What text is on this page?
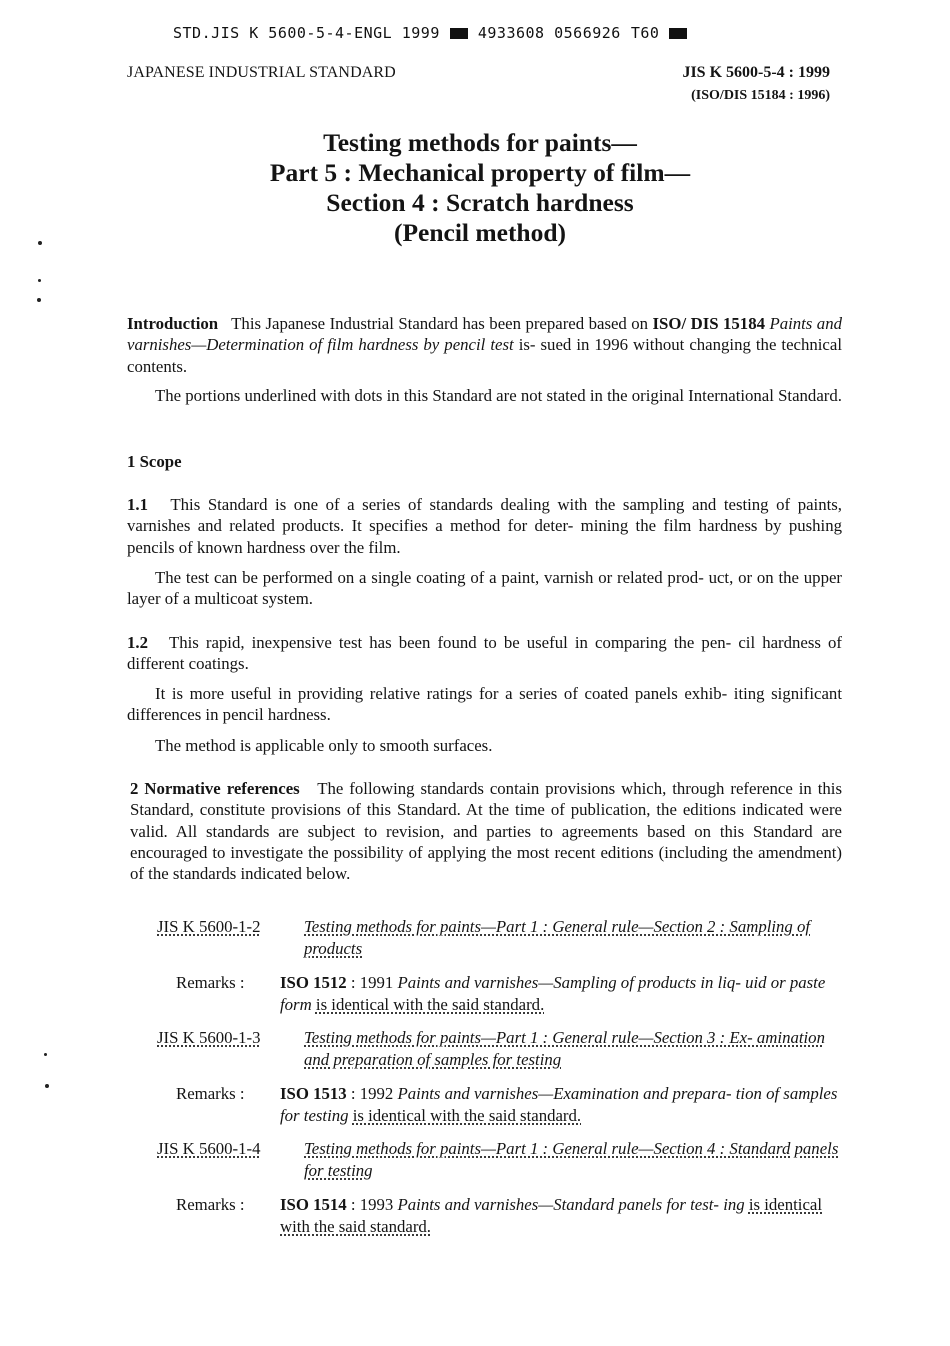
STD.JIS K 5600-5-4-ENGL 1999	4933608 0566926 T60
JAPANESE INDUSTRIAL STANDARD	JIS K 5600-5-4 : 1999
(ISO/DIS 15184 : 1996)
Testing methods for paints—
Part 5 : Mechanical property of film—
Section 4 : Scratch hardness
(Pencil method)

Introduction This Japanese Industrial Standard has been prepared based on ISO/ DIS 15184 Paints and varnishes—Determination of film hardness by pencil test is- sued in 1996 without changing the technical contents.

The portions underlined with dots in this Standard are not stated in the original International Standard.

1 Scope

1.1 This Standard is one of a series of standards dealing with the sampling and testing of paints, varnishes and related products. It specifies a method for deter- mining the film hardness by pushing pencils of known hardness over the film.

The test can be performed on a single coating of a paint, varnish or related prod- uct, or on the upper layer of a multicoat system.

1.2 This rapid, inexpensive test has been found to be useful in comparing the pen- cil hardness of different coatings.

It is more useful in providing relative ratings for a series of coated panels exhib- iting significant differences in pencil hardness.

The method is applicable only to smooth surfaces.

2 Normative references The following standards contain provisions which, through reference in this Standard, constitute provisions of this Standard. At the time of publication, the editions indicated were valid. All standards are subject to revision, and parties to agreements based on this Standard are encouraged to investigate the possibility of applying the most recent editions (including the amendment) of the standards indicated below.

JIS K 5600-1-2	Testing methods for paints—Part 1 : General rule—Section 2 : Sampling of products
Remarks : ISO 1512 : 1991 Paints and varnishes—Sampling of products in liq- uid or paste form is identical with the said standard.
JIS K 5600-1-3	Testing methods for paints—Part 1 : General rule—Section 3 : Ex- amination and preparation of samples for testing
Remarks : ISO 1513 : 1992 Paints and varnishes—Examination and prepara- tion of samples for testing is identical with the said standard.
JIS K 5600-1-4	Testing methods for paints—Part 1 : General rule—Section 4 : Standard panels for testing
Remarks : ISO 1514 : 1993 Paints and varnishes—Standard panels for test- ing is identical with the said standard.
